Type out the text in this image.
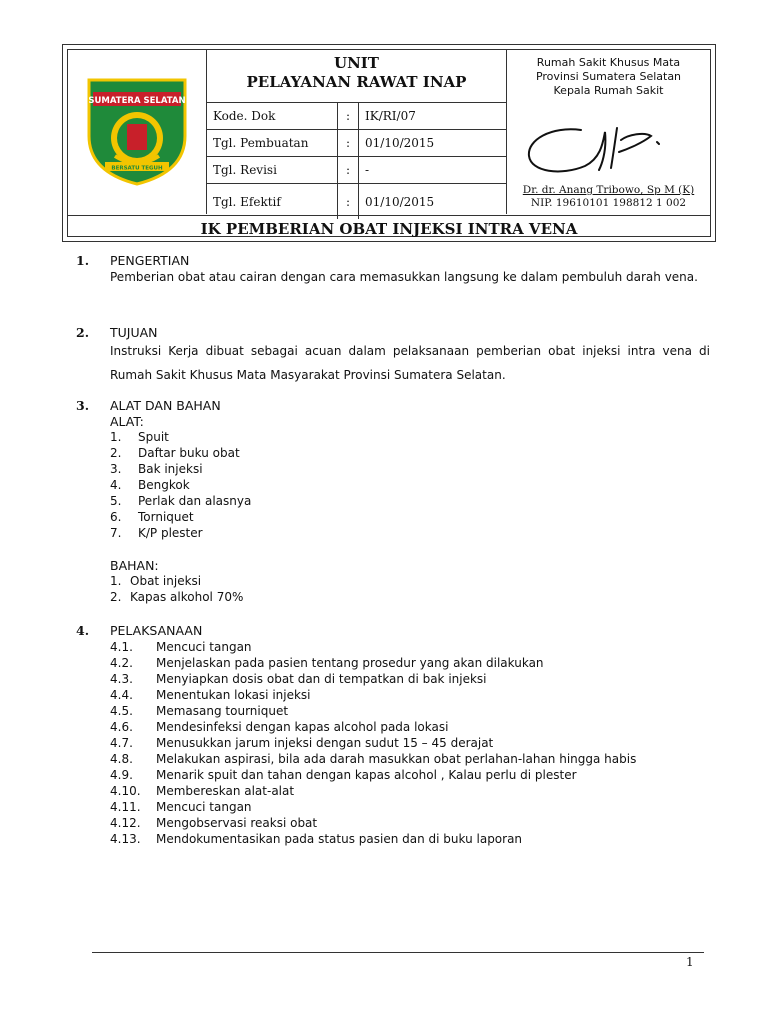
SUMATERA SELATAN
BERSATU TEGUH
UNIT
PELAYANAN RAWAT INAP
Kode. Dok	:	IK/RI/07
Tgl. Pembuatan	:	01/10/2015
Tgl. Revisi	:	-
Tgl. Efektif	:	01/10/2015
Rumah Sakit Khusus Mata
Provinsi Sumatera Selatan
Kepala Rumah Sakit
Dr. dr. Anang Tribowo, Sp M (K)
NIP. 19610101 198812 1 002
IK PEMBERIAN OBAT INJEKSI INTRA VENA
1. PENGERTIAN
Pemberian obat atau cairan dengan cara memasukkan langsung ke dalam pembuluh darah vena.
2. TUJUAN
Instruksi Kerja dibuat sebagai acuan dalam pelaksanaan pemberian obat injeksi intra vena di Rumah Sakit Khusus Mata Masyarakat Provinsi Sumatera Selatan.
3. ALAT DAN BAHAN
ALAT:
1. Spuit
2. Daftar buku obat
3. Bak injeksi
4. Bengkok
5. Perlak dan alasnya
6. Torniquet
7. K/P plester
BAHAN:
1. Obat injeksi
2. Kapas alkohol 70%
4. PELAKSANAAN
4.1. Mencuci tangan
4.2. Menjelaskan pada pasien tentang prosedur yang akan dilakukan
4.3. Menyiapkan dosis obat dan di tempatkan di bak injeksi
4.4. Menentukan lokasi injeksi
4.5. Memasang tourniquet
4.6. Mendesinfeksi dengan kapas alcohol pada lokasi
4.7. Menusukkan jarum injeksi dengan sudut 15 – 45 derajat
4.8. Melakukan aspirasi, bila ada darah masukkan obat perlahan-lahan hingga habis
4.9. Menarik spuit dan tahan dengan kapas alcohol , Kalau perlu di plester
4.10. Membereskan alat-alat
4.11. Mencuci tangan
4.12. Mengobservasi reaksi obat
4.13. Mendokumentasikan pada status pasien dan di buku laporan
1
